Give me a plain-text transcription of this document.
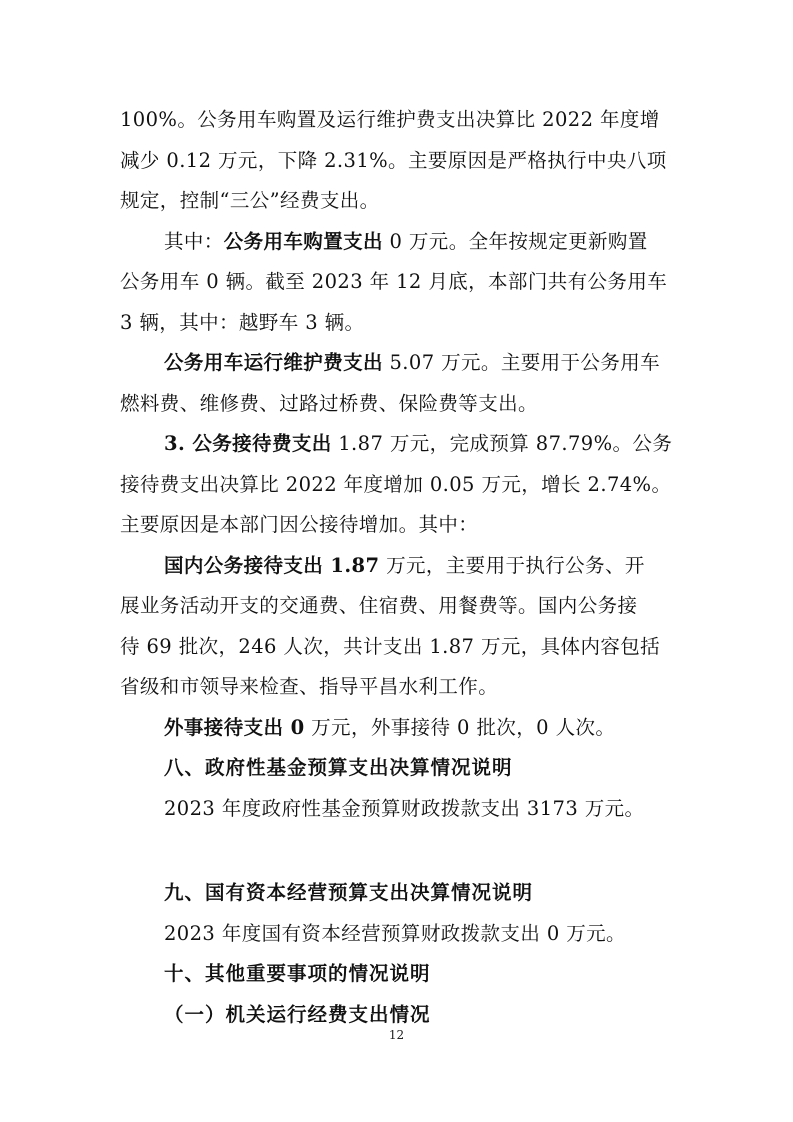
100%。公务用车购置及运行维护费支出决算比 2022 年度增
减少 0.12 万元，下降 2.31%。主要原因是严格执行中央八项
规定，控制“三公”经费支出。
其中：公务用车购置支出 0 万元。全年按规定更新购置
公务用车 0 辆。截至 2023 年 12 月底，本部门共有公务用车
3 辆，其中：越野车 3 辆。
公务用车运行维护费支出 5.07 万元。主要用于公务用车
燃料费、维修费、过路过桥费、保险费等支出。
3. 公务接待费支出 1.87 万元，完成预算 87.79%。公务
接待费支出决算比 2022 年度增加 0.05 万元，增长 2.74%。
主要原因是本部门因公接待增加。其中：
国内公务接待支出 1.87 万元，主要用于执行公务、开
展业务活动开支的交通费、住宿费、用餐费等。国内公务接
待 69 批次，246 人次，共计支出 1.87 万元，具体内容包括
省级和市领导来检查、指导平昌水利工作。
外事接待支出 0 万元，外事接待 0 批次，0 人次。
八、政府性基金预算支出决算情况说明
2023 年度政府性基金预算财政拨款支出 3173 万元。
九、国有资本经营预算支出决算情况说明
2023 年度国有资本经营预算财政拨款支出 0 万元。
十、其他重要事项的情况说明
（一）机关运行经费支出情况
12
